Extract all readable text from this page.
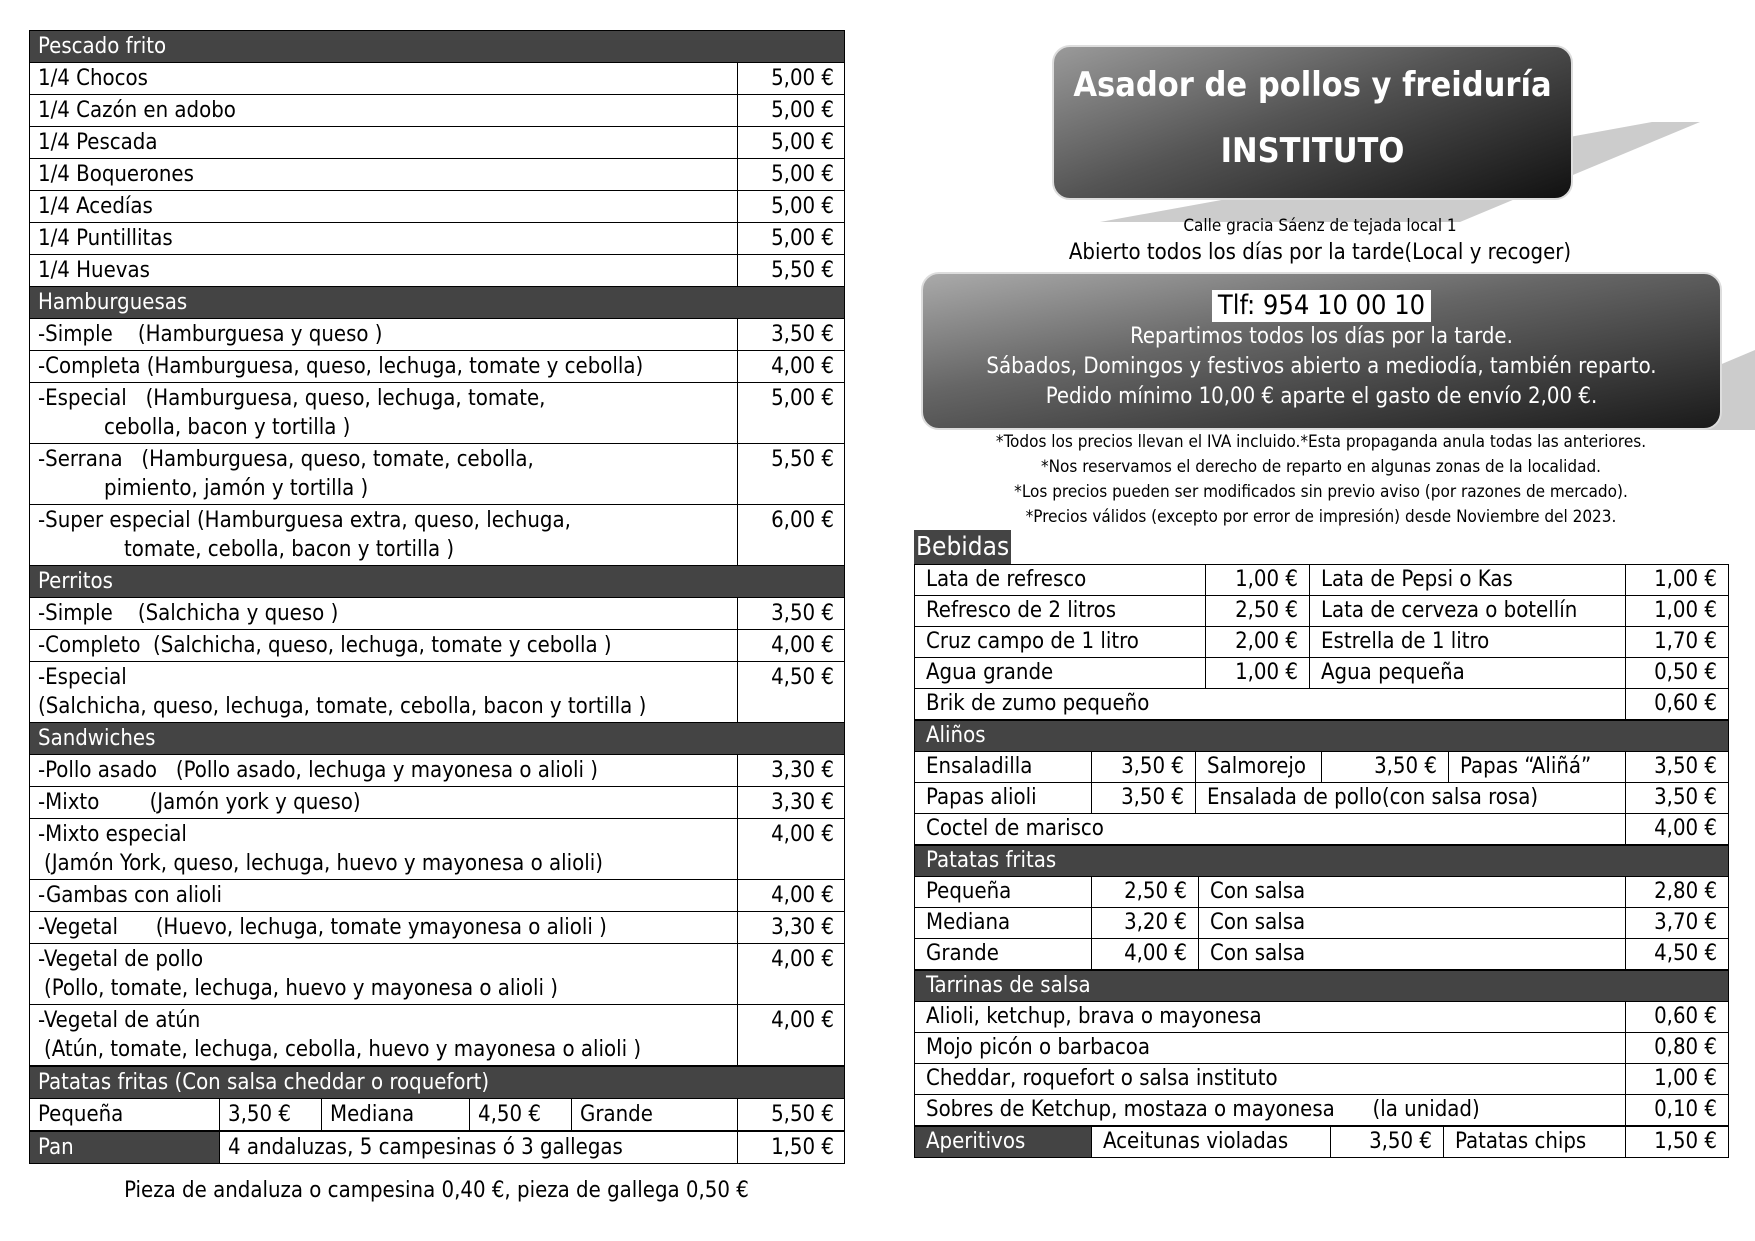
Pescado frito	
1/4 Chocos	5,00 €
1/4 Cazón en adobo	5,00 €
1/4 Pescada	5,00 €
1/4 Boquerones	5,00 €
1/4 Acedías	5,00 €
1/4 Puntillitas	5,00 €
1/4 Huevas	5,50 €
Hamburguesas	
-Simple    (Hamburguesa y queso )	3,50 €
-Completa (Hamburguesa, queso, lechuga, tomate y cebolla)	4,00 €

-Especial   (Hamburguesa, queso, lechuga, tomate,
cebolla, bacon y tortilla )	5,00 €

-Serrana   (Hamburguesa, queso, tomate, cebolla,
pimiento, jamón y tortilla )	5,50 €

-Super especial (Hamburguesa extra, queso, lechuga,
tomate, cebolla, bacon y tortilla )	6,00 €
Perritos	
-Simple    (Salchicha y queso )	3,50 €
-Completo  (Salchicha, queso, lechuga, tomate y cebolla )	4,00 €

-Especial
(Salchicha, queso, lechuga, tomate, cebolla, bacon y tortilla )	4,50 €
Sandwiches	
-Pollo asado   (Pollo asado, lechuga y mayonesa o alioli )	3,30 €
-Mixto        (Jamón york y queso)	3,30 €

-Mixto especial
(Jamón York, queso, lechuga, huevo y mayonesa o alioli)	4,00 €
-Gambas con alioli	4,00 €
-Vegetal      (Huevo, lechuga, tomate ymayonesa o alioli )	3,30 €

-Vegetal de pollo
(Pollo, tomate, lechuga, huevo y mayonesa o alioli )	4,00 €

-Vegetal de atún
(Atún, tomate, lechuga, cebolla, huevo y mayonesa o alioli )	4,00 €
Patatas fritas (Con salsa cheddar o roquefort)
Pequeña	3,50 €	Mediana	4,50 €	Grande	5,50 €
Pan	4 andaluzas, 5 campesinas ó 3 gallegas	1,50 €
Pieza de andaluza o campesina 0,40 €, pieza de gallega 0,50 €
Asador de pollos y freiduría
INSTITUTO
Calle gracia Sáenz de tejada local 1
Abierto todos los días por la tarde(Local y recoger)
Tlf: 954 10 00 10
Repartimos todos los días por la tarde.
Sábados, Domingos y festivos abierto a mediodía, también reparto.
Pedido mínimo 10,00 € aparte el gasto de envío 2,00 €.
*Todos los precios llevan el IVA incluido.*Esta propaganda anula todas las anteriores.
*Nos reservamos el derecho de reparto en algunas zonas de la localidad.
*Los precios pueden ser modificados sin previo aviso (por razones de mercado).
*Precios válidos (excepto por error de impresión) desde Noviembre del 2023.
Bebidas
Lata de refresco	1,00 €	Lata de Pepsi o Kas	1,00 €
Refresco de 2 litros	2,50 €	Lata de cerveza o botellín	1,00 €
Cruz campo de 1 litro	2,00 €	Estrella de 1 litro	1,70 €
Agua grande	1,00 €	Agua pequeña	0,50 €
Brik de zumo pequeño			0,60 €
Aliños					
Ensaladilla	3,50 €	Salmorejo	3,50 €	Papas “Aliñá”	3,50 €
Papas alioli	3,50 €	Ensalada de pollo(con salsa rosa)			3,50 €
Coctel de marisco					4,00 €
Patatas fritas			
Pequeña	2,50 €	Con salsa	2,80 €
Mediana	3,20 €	Con salsa	3,70 €
Grande	4,00 €	Con salsa	4,50 €
Tarrinas de salsa	
Alioli, ketchup, brava o mayonesa	0,60 €
Mojo picón o barbacoa	0,80 €
Cheddar, roquefort o salsa instituto	1,00 €
Sobres de Ketchup, mostaza o mayonesa      (la unidad)	0,10 €
Aperitivos	Aceitunas violadas	3,50 €	Patatas chips	1,50 €
